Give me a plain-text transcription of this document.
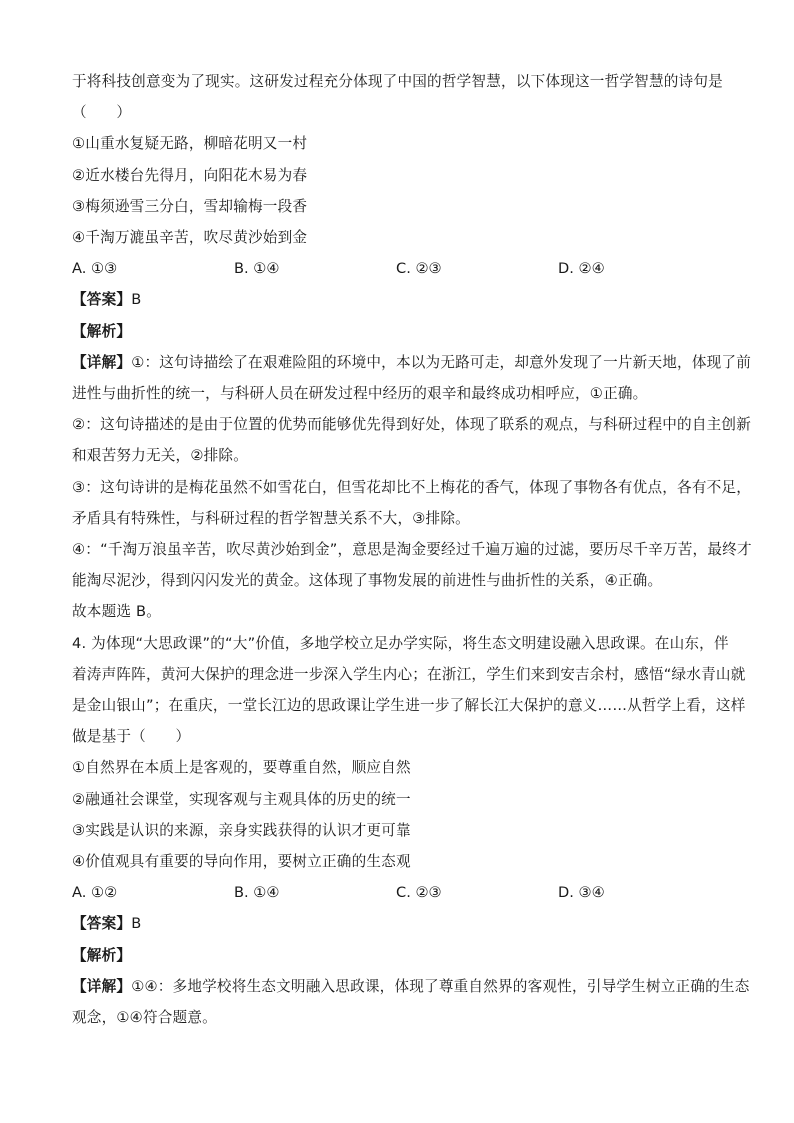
于将科技创意变为了现实。这研发过程充分体现了中国的哲学智慧，以下体现这一哲学智慧的诗句是
（　　）
①山重水复疑无路，柳暗花明又一村
②近水楼台先得月，向阳花木易为春
③梅须逊雪三分白，雪却输梅一段香
④千淘万漉虽辛苦，吹尽黄沙始到金
A. ①③	B. ①④	C. ②③	D. ②④
【答案】B
【解析】
【详解】①：这句诗描绘了在艰难险阻的环境中，本以为无路可走，却意外发现了一片新天地，体现了前
进性与曲折性的统一，与科研人员在研发过程中经历的艰辛和最终成功相呼应，①正确。
②：这句诗描述的是由于位置的优势而能够优先得到好处，体现了联系的观点，与科研过程中的自主创新
和艰苦努力无关，②排除。
③：这句诗讲的是梅花虽然不如雪花白，但雪花却比不上梅花的香气，体现了事物各有优点，各有不足，
矛盾具有特殊性，与科研过程的哲学智慧关系不大，③排除。
④：“千淘万浪虽辛苦，吹尽黄沙始到金”，意思是淘金要经过千遍万遍的过滤，要历尽千辛万苦，最终才
能淘尽泥沙，得到闪闪发光的黄金。这体现了事物发展的前进性与曲折性的关系，④正确。
故本题选 B。
4. 为体现“大思政课”的“大”价值，多地学校立足办学实际，将生态文明建设融入思政课。在山东，伴
着涛声阵阵，黄河大保护的理念进一步深入学生内心；在浙江，学生们来到安吉余村，感悟“绿水青山就
是金山银山”；在重庆，一堂长江边的思政课让学生进一步了解长江大保护的意义……从哲学上看，这样
做是基于（　　）
①自然界在本质上是客观的，要尊重自然，顺应自然
②融通社会课堂，实现客观与主观具体的历史的统一
③实践是认识的来源，亲身实践获得的认识才更可靠
④价值观具有重要的导向作用，要树立正确的生态观
A. ①②	B. ①④	C. ②③	D. ③④
【答案】B
【解析】
【详解】①④：多地学校将生态文明融入思政课，体现了尊重自然界的客观性，引导学生树立正确的生态
观念，①④符合题意。
